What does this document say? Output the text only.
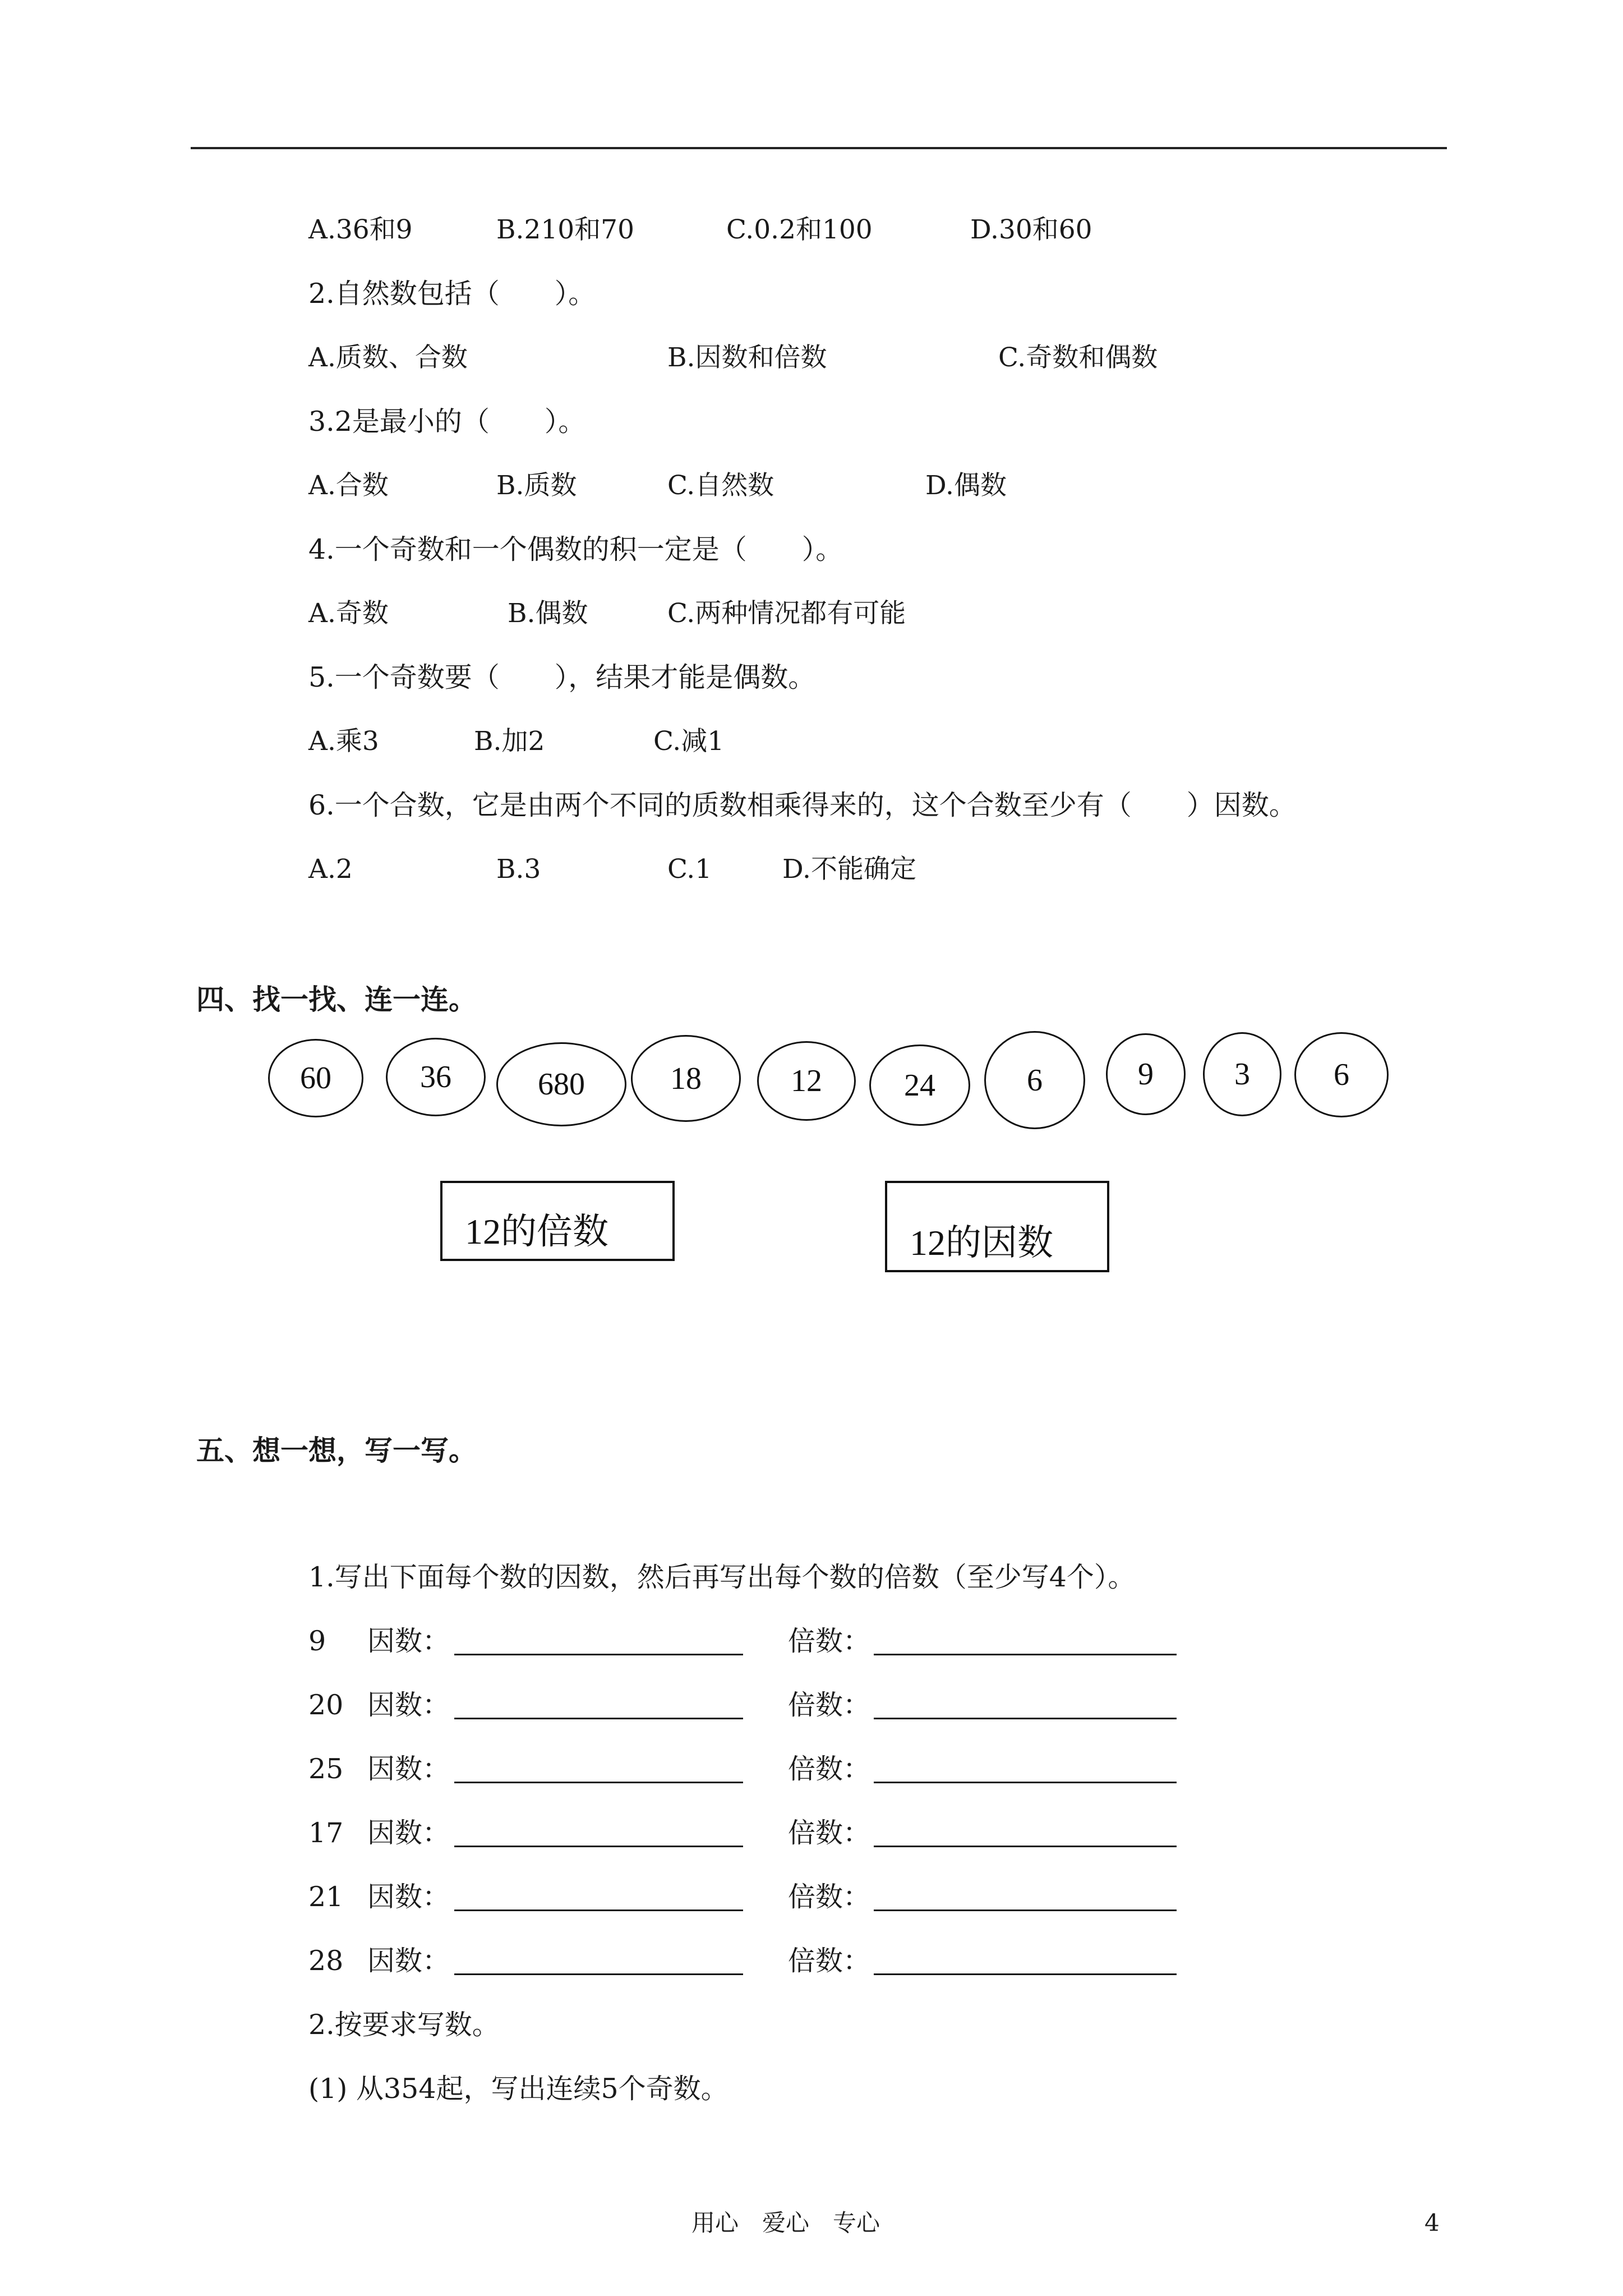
A.36和9	B.210和70	C.0.2和100	D.30和60
2.自然数包括（　　）。
A.质数、合数	B.因数和倍数	C.奇数和偶数
3.2是最小的（　　）。
A.合数	B.质数	C.自然数	D.偶数
4.一个奇数和一个偶数的积一定是（　　）。
A.奇数	B.偶数	C.两种情况都有可能
5.一个奇数要（　　），结果才能是偶数。
A.乘3	B.加2	C.减1
6.一个合数，它是由两个不同的质数相乘得来的，这个合数至少有（　　）因数。
A.2	B.3	C.1	D.不能确定
四、找一找、连一连。
60	36	680	18	12	24	6	9	3	6
12的倍数	12的因数
五、想一想，写一写。
1.写出下面每个数的因数，然后再写出每个数的倍数（至少写4个）。
9 因数：	倍数：
20 因数：	倍数：
25 因数：	倍数：
17 因数：	倍数：
21 因数：	倍数：
28 因数：	倍数：
2.按要求写数。
(1) 从354起，写出连续5个奇数。
用心　爱心　专心	4
